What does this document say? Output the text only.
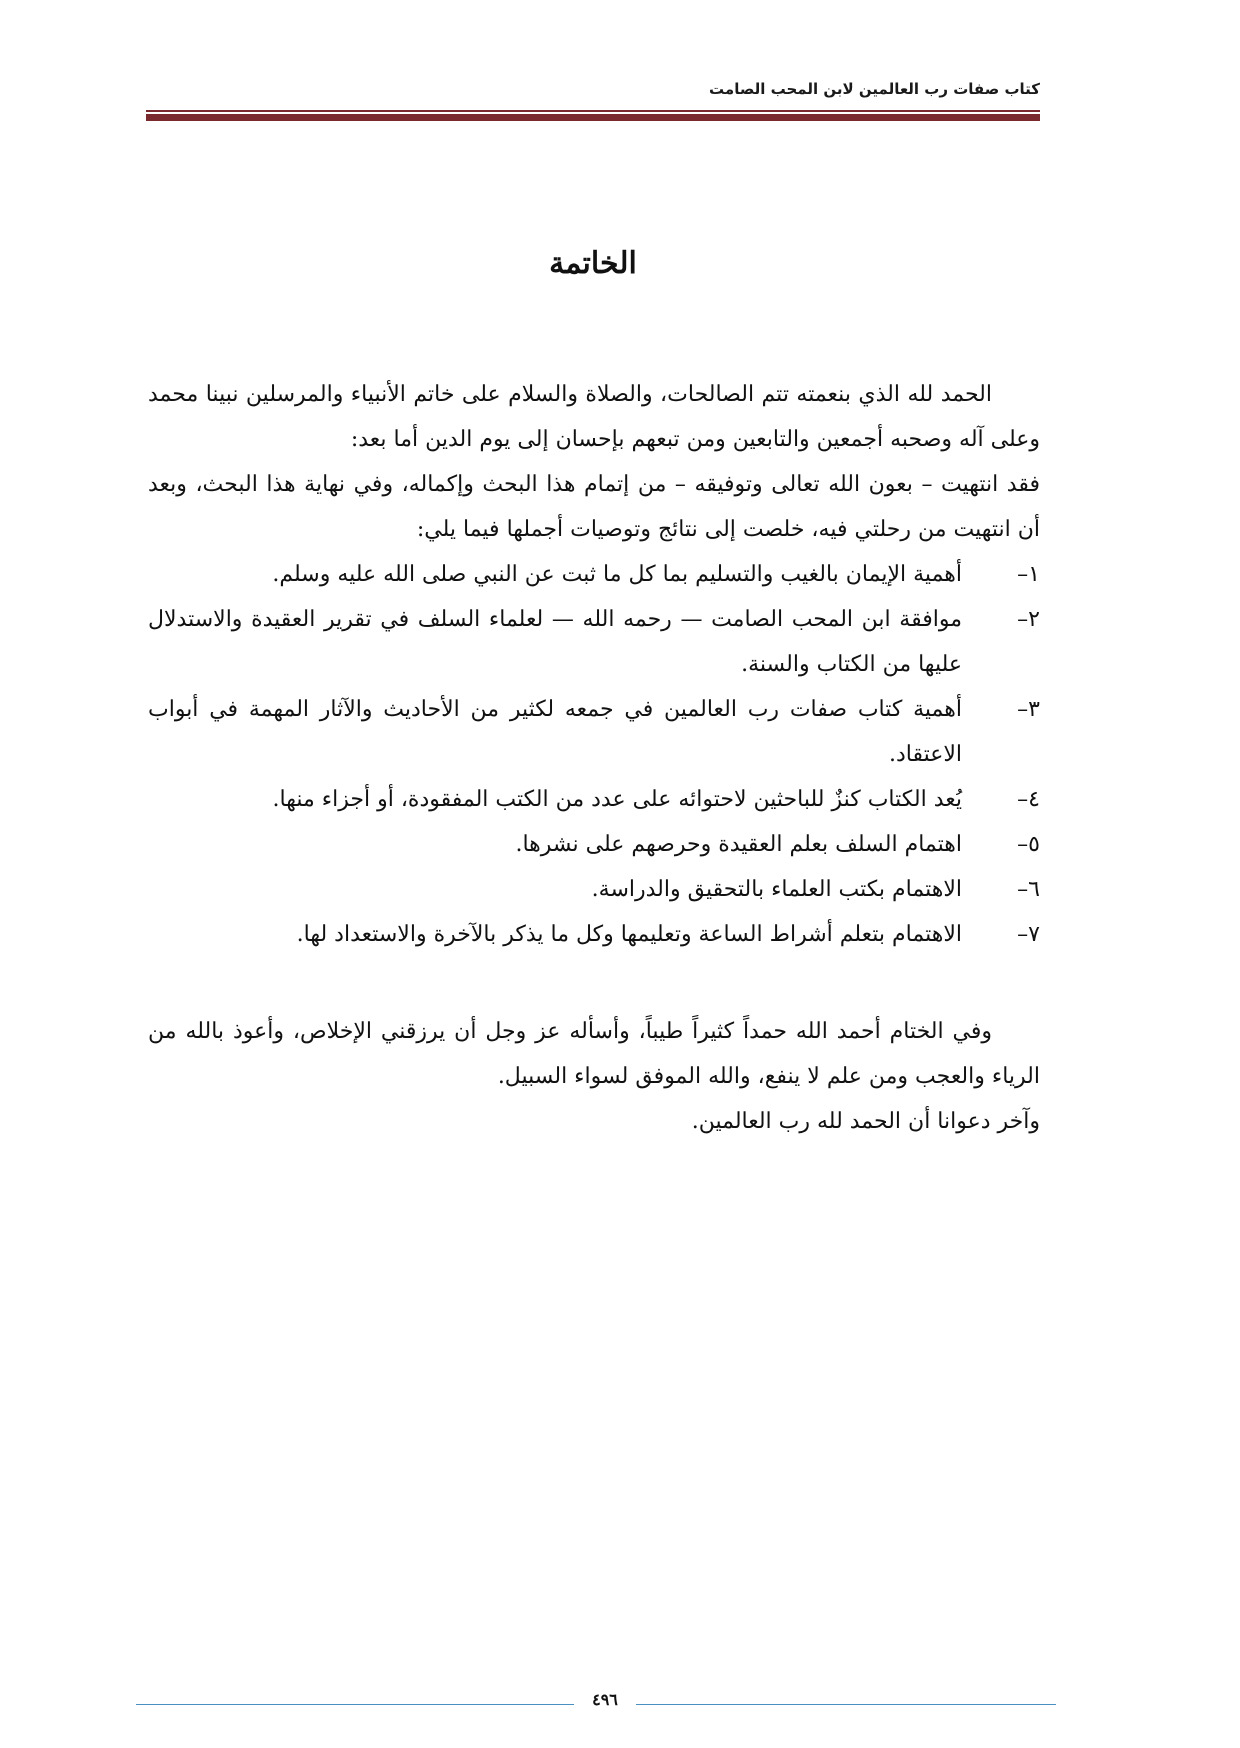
كتاب صفات رب العالمين لابن المحب الصامت
الخاتمة

الحمد لله الذي بنعمته تتم الصالحات، والصلاة والسلام على خاتم الأنبياء والمرسلين نبينا محمد وعلى آله وصحبه أجمعين والتابعين ومن تبعهم بإحسان إلى يوم الدين أما بعد:

فقد انتهيت – بعون الله تعالى وتوفيقه – من إتمام هذا البحث وإكماله، وفي نهاية هذا البحث، وبعد أن انتهيت من رحلتي فيه، خلصت إلى نتائج وتوصيات أجملها فيما يلي:

١–
أهمية الإيمان بالغيب والتسليم بما كل ما ثبت عن النبي صلى الله عليه وسلم.
٢–
موافقة ابن المحب الصامت — رحمه الله — لعلماء السلف في تقرير العقيدة والاستدلال عليها من الكتاب والسنة.
٣–
أهمية كتاب صفات رب العالمين في جمعه لكثير من الأحاديث والآثار المهمة في أبواب الاعتقاد.
٤–
يُعد الكتاب كنزٌ للباحثين لاحتوائه على عدد من الكتب المفقودة، أو أجزاء منها.
٥–
اهتمام السلف بعلم العقيدة وحرصهم على نشرها.
٦–
الاهتمام بكتب العلماء بالتحقيق والدراسة.
٧–
الاهتمام بتعلم أشراط الساعة وتعليمها وكل ما يذكر بالآخرة والاستعداد لها.

وفي الختام أحمد الله حمداً كثيراً طيباً، وأسأله عز وجل أن يرزقني الإخلاص، وأعوذ بالله من الرياء والعجب ومن علم لا ينفع، والله الموفق لسواء السبيل.

وآخر دعوانا أن الحمد لله رب العالمين.

٤٩٦
